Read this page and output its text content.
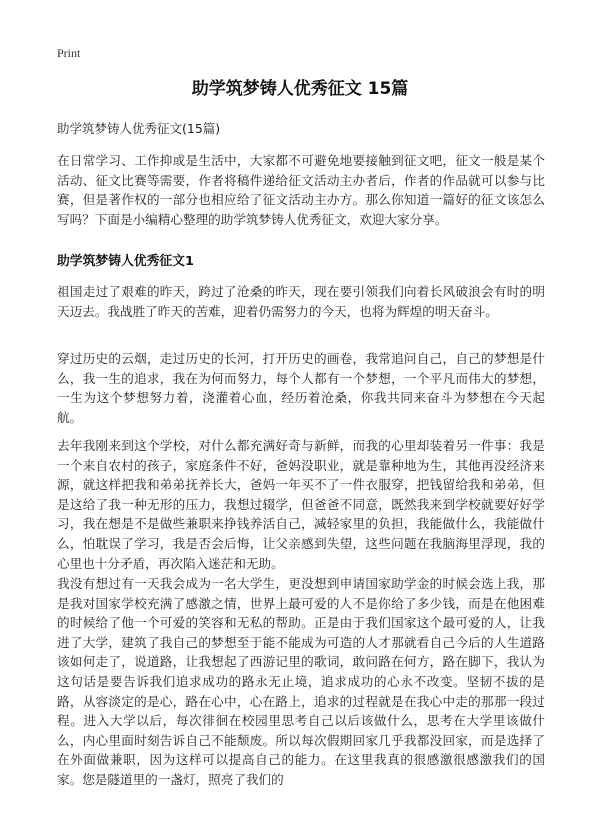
Print
助学筑梦铸人优秀征文 15篇
助学筑梦铸人优秀征文(15篇)

在日常学习、工作抑或是生活中，大家都不可避免地要接触到征文吧，征文一般是某个活动、征文比赛等需要，作者将稿件递给征文活动主办者后，作者的作品就可以参与比赛，但是著作权的一部分也相应给了征文活动主办方。那么你知道一篇好的征文该怎么写吗？下面是小编精心整理的助学筑梦铸人优秀征文，欢迎大家分享。

助学筑梦铸人优秀征文1

祖国走过了艰难的昨天，跨过了沧桑的昨天，现在要引领我们向着长风破浪会有时的明天迈去。我战胜了昨天的苦难，迎着仍需努力的今天，也将为辉煌的明天奋斗。

穿过历史的云烟，走过历史的长河，打开历史的画卷，我常追问自己，自己的梦想是什么，我一生的追求，我在为何而努力，每个人都有一个梦想，一个平凡而伟大的梦想，一生为这个梦想努力着，浇灌着心血，经历着沧桑，你我共同来奋斗为梦想在今天起航。

去年我刚来到这个学校，对什么都充满好奇与新鲜，而我的心里却装着另一件事：我是一个来自农村的孩子，家庭条件不好，爸妈没职业，就是靠种地为生，其他再没经济来源，就这样把我和弟弟抚养长大，爸妈一年买不了一件衣服穿，把钱留给我和弟弟，但是这给了我一种无形的压力，我想过辍学，但爸爸不同意，既然我来到学校就要好好学习，我在想是不是做些兼职来挣钱养活自己，减轻家里的负担，我能做什么，我能做什么，怕耽误了学习，我是否会后悔，让父亲感到失望，这些问题在我脑海里浮现，我的心里也十分矛盾，再次陷入迷茫和无助。

我没有想过有一天我会成为一名大学生，更没想到申请国家助学金的时候会选上我，那是我对国家学校充满了感激之情，世界上最可爱的人不是你给了多少钱，而是在他困难的时候给了他一个可爱的笑容和无私的帮助。正是由于我们国家这个最可爱的人，让我进了大学，建筑了我自己的梦想至于能不能成为可造的人才那就看自己今后的人生道路该如何走了，说道路，让我想起了西游记里的歌词，敢问路在何方，路在脚下，我认为这句话是要告诉我们追求成功的路永无止境，追求成功的心永不改变。坚韧不拔的是路，从容淡定的是心，路在心中，心在路上，追求的过程就是在我心中走的那那一段过程。进入大学以后，每次徘徊在校园里思考自己以后该做什么，思考在大学里该做什么，内心里面时刻告诉自己不能颓废。所以每次假期回家几乎我都没回家，而是选择了在外面做兼职，因为这样可以提高自己的能力。在这里我真的很感激很感激我们的国家。您是隧道里的一盏灯，照亮了我们的
